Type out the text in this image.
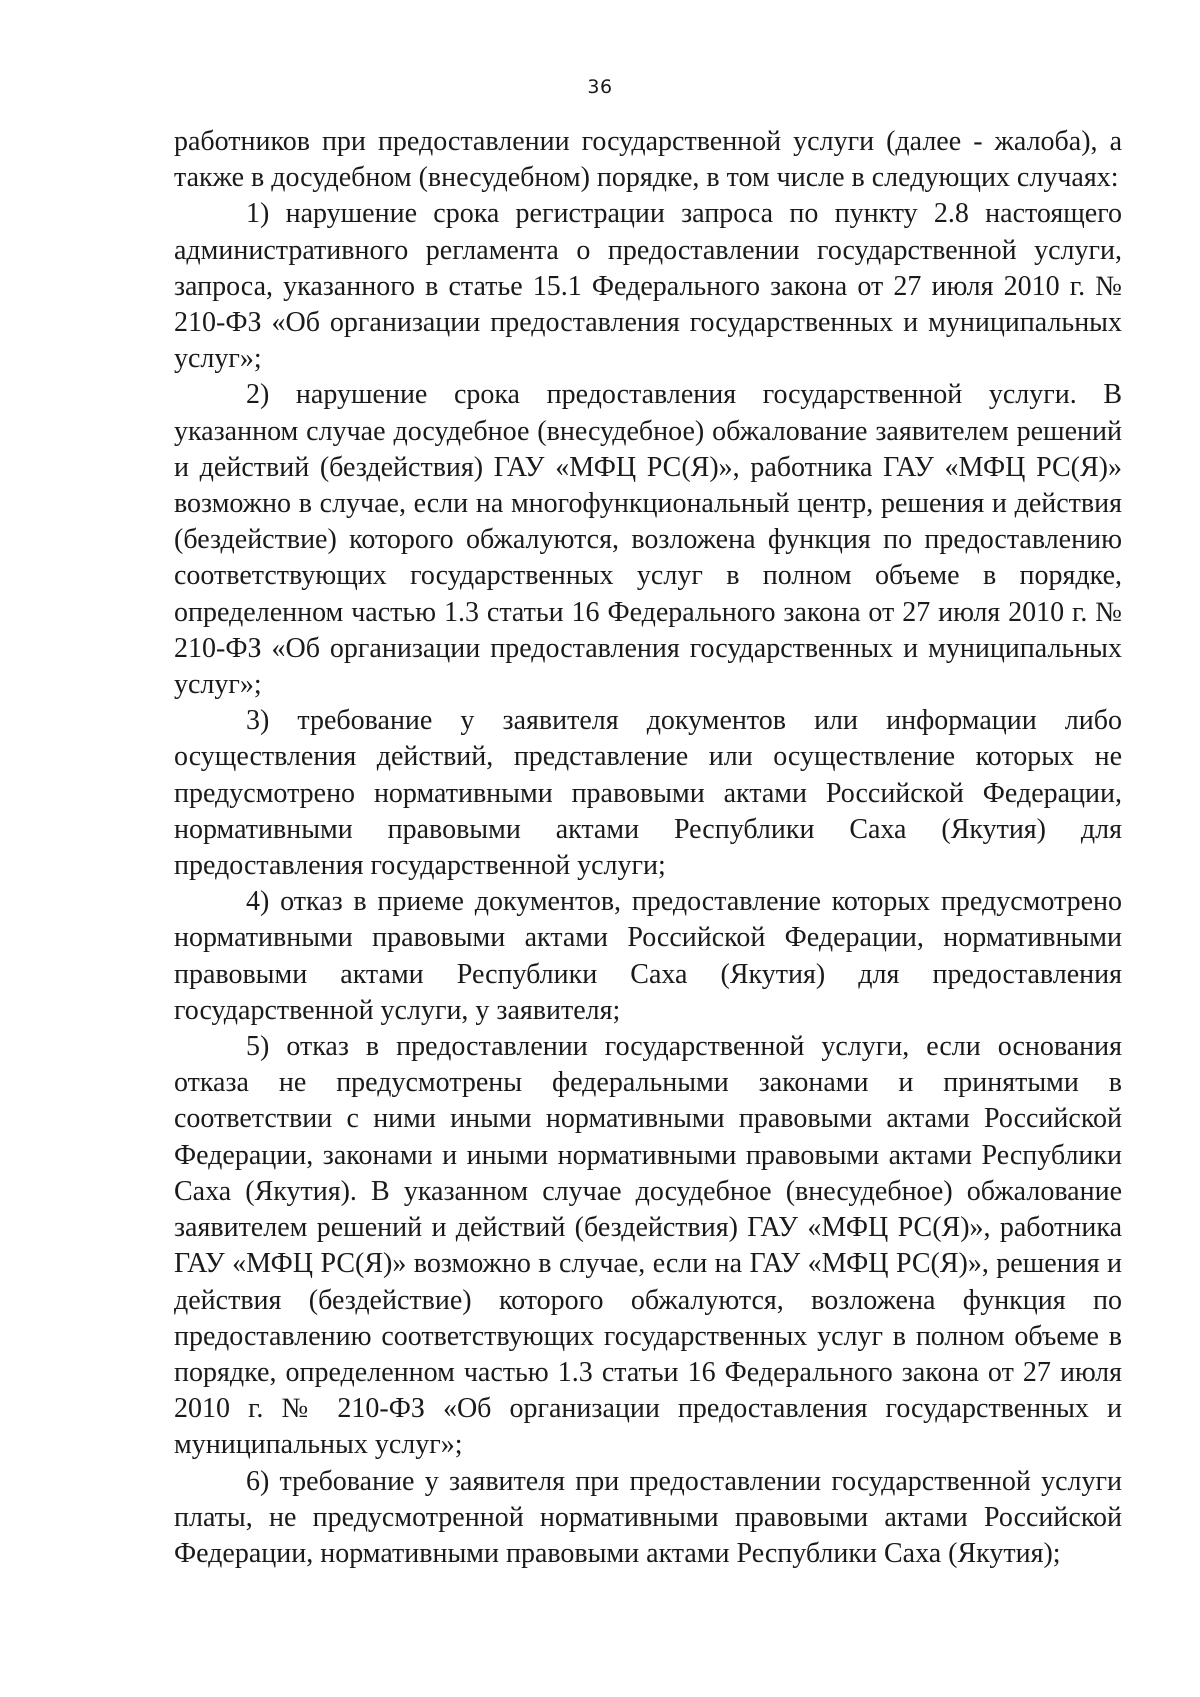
36

работников при предоставлении государственной услуги (далее - жалоба), а также в досудебном (внесудебном) порядке, в том числе в следующих случаях:

1) нарушение срока регистрации запроса по пункту 2.8 настоящего административного регламента о предоставлении государственной услуги, запроса, указанного в статье 15.1 Федерального закона от 27 июля 2010 г. № 210-ФЗ «Об организации предоставления государственных и муниципальных услуг»;

2) нарушение срока предоставления государственной услуги. В указанном случае досудебное (внесудебное) обжалование заявителем решений и действий (бездействия) ГАУ «МФЦ РС(Я)», работника ГАУ «МФЦ РС(Я)» возможно в случае, если на многофункциональный центр, решения и действия (бездействие) которого обжалуются, возложена функция по предоставлению соответствующих государственных услуг в полном объеме в порядке, определенном частью 1.3 статьи 16 Федерального закона от 27 июля 2010 г. № 210-ФЗ «Об организации предоставления государственных и муниципальных услуг»;

3) требование у заявителя документов или информации либо осуществления действий, представление или осуществление которых не предусмотрено нормативными правовыми актами Российской Федерации, нормативными правовыми актами Республики Саха (Якутия) для предоставления государственной услуги;

4) отказ в приеме документов, предоставление которых предусмотрено нормативными правовыми актами Российской Федерации, нормативными правовыми актами Республики Саха (Якутия) для предоставления государственной услуги, у заявителя;

5) отказ в предоставлении государственной услуги, если основания отказа не предусмотрены федеральными законами и принятыми в соответствии с ними иными нормативными правовыми актами Российской Федерации, законами и иными нормативными правовыми актами Республики Саха (Якутия). В указанном случае досудебное (внесудебное) обжалование заявителем решений и действий (бездействия) ГАУ «МФЦ РС(Я)», работника ГАУ «МФЦ РС(Я)» возможно в случае, если на ГАУ «МФЦ РС(Я)», решения и действия (бездействие) которого обжалуются, возложена функция по предоставлению соответствующих государственных услуг в полном объеме в порядке, определенном частью 1.3 статьи 16 Федерального закона от 27 июля 2010 г. № 210-ФЗ «Об организации предоставления государственных и муниципальных услуг»;

6) требование у заявителя при предоставлении государственной услуги платы, не предусмотренной нормативными правовыми актами Российской Федерации, нормативными правовыми актами Республики Саха (Якутия);
